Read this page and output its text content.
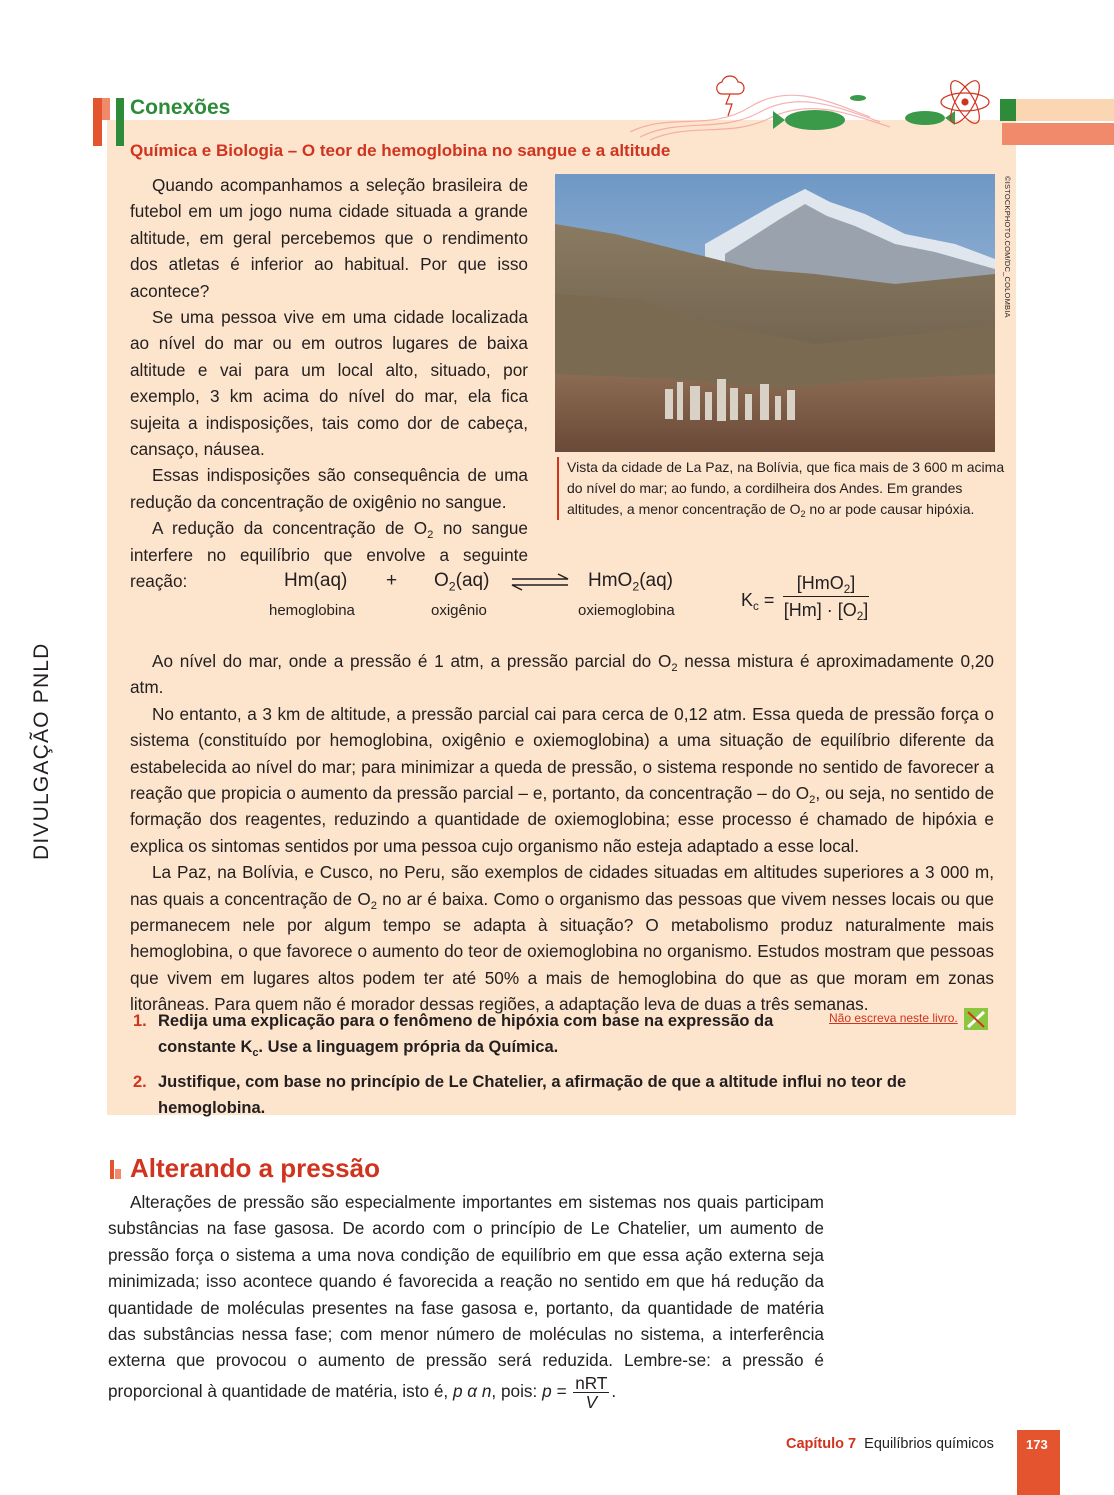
DIVULGAÇÃO PNLD
Conexões
Química e Biologia – O teor de hemoglobina no sangue e a altitude

Quando acompanhamos a seleção brasileira de futebol em um jogo numa cidade situada a grande altitude, em geral percebemos que o rendimento dos atletas é inferior ao habitual. Por que isso acontece?

Se uma pessoa vive em uma cidade localizada ao nível do mar ou em outros lugares de baixa altitude e vai para um local alto, situado, por exemplo, 3 km acima do nível do mar, ela fica sujeita a indisposições, tais como dor de cabeça, cansaço, náusea.

Essas indisposições são consequência de uma redução da concentração de oxigênio no sangue.

A redução da concentração de $O_2$ no sangue interfere no equilíbrio que envolve a seguinte reação:

©ISTOCKPHOTO.COM/DC_COLOMBIA
Vista da cidade de La Paz, na Bolívia, que fica mais de 3 600 m acima do nível do mar; ao fundo, a cordilheira dos Andes. Em grandes altitudes, a menor concentração de $O_2$ no ar pode causar hipóxia.
$Hm(aq) + O_2(aq)$ ⇌ HmO$_2$(aq)
hemoglobina	oxigênio	oxiemoglobina
$K_c$ =
[HmO$_2$]
$[Hm] \cdot [O_2]$

Ao nível do mar, onde a pressão é 1 atm, a pressão parcial do $O_2$ nessa mistura é aproximadamente 0,20 atm.

No entanto, a 3 km de altitude, a pressão parcial cai para cerca de 0,12 atm. Essa queda de pressão força o sistema (constituído por hemoglobina, oxigênio e oxiemoglobina) a uma situação de equilíbrio diferente da estabelecida ao nível do mar; para minimizar a queda de pressão, o sistema responde no sentido de favorecer a reação que propicia o aumento da pressão parcial – e, portanto, da concentração – do $O_2$, ou seja, no sentido de formação dos reagentes, reduzindo a quantidade de oxiemoglobina; esse processo é chamado de hipóxia e explica os sintomas sentidos por uma pessoa cujo organismo não esteja adaptado a esse local.

La Paz, na Bolívia, e Cusco, no Peru, são exemplos de cidades situadas em altitudes superiores a 3 000 m, nas quais a concentração de $O_2$ no ar é baixa. Como o organismo das pessoas que vivem nesses locais ou que permanecem nele por algum tempo se adapta à situação? O metabolismo produz naturalmente mais hemoglobina, o que favorece o aumento do teor de oxiemoglobina no organismo. Estudos mostram que pessoas que vivem em lugares altos podem ter até 50% a mais de hemoglobina do que as que moram em zonas litorâneas. Para quem não é morador dessas regiões, a adaptação leva de duas a três semanas.

1. Redija uma explicação para o fenômeno de hipóxia com base na expressão da constante $K_c$. Use a linguagem própria da Química.
Não escreva neste livro.
2. Justifique, com base no princípio de Le Chatelier, a afirmação de que a altitude influi no teor de hemoglobina.
Alterando a pressão

Alterações de pressão são especialmente importantes em sistemas nos quais participam substâncias na fase gasosa. De acordo com o princípio de Le Chatelier, um aumento de pressão força o sistema a uma nova condição de equilíbrio em que essa ação externa seja minimizada; isso acontece quando é favorecida a reação no sentido em que há redução da quantidade de moléculas presentes na fase gasosa e, portanto, da quantidade de matéria das substâncias nessa fase; com menor número de moléculas no sistema, a interferência externa que provocou o aumento de pressão será reduzida. Lembre-se: a pressão é proporcional à quantidade de matéria, isto é, p α n, pois: p = nRT
V
.

Capítulo 7 Equilíbrios químicos 173
